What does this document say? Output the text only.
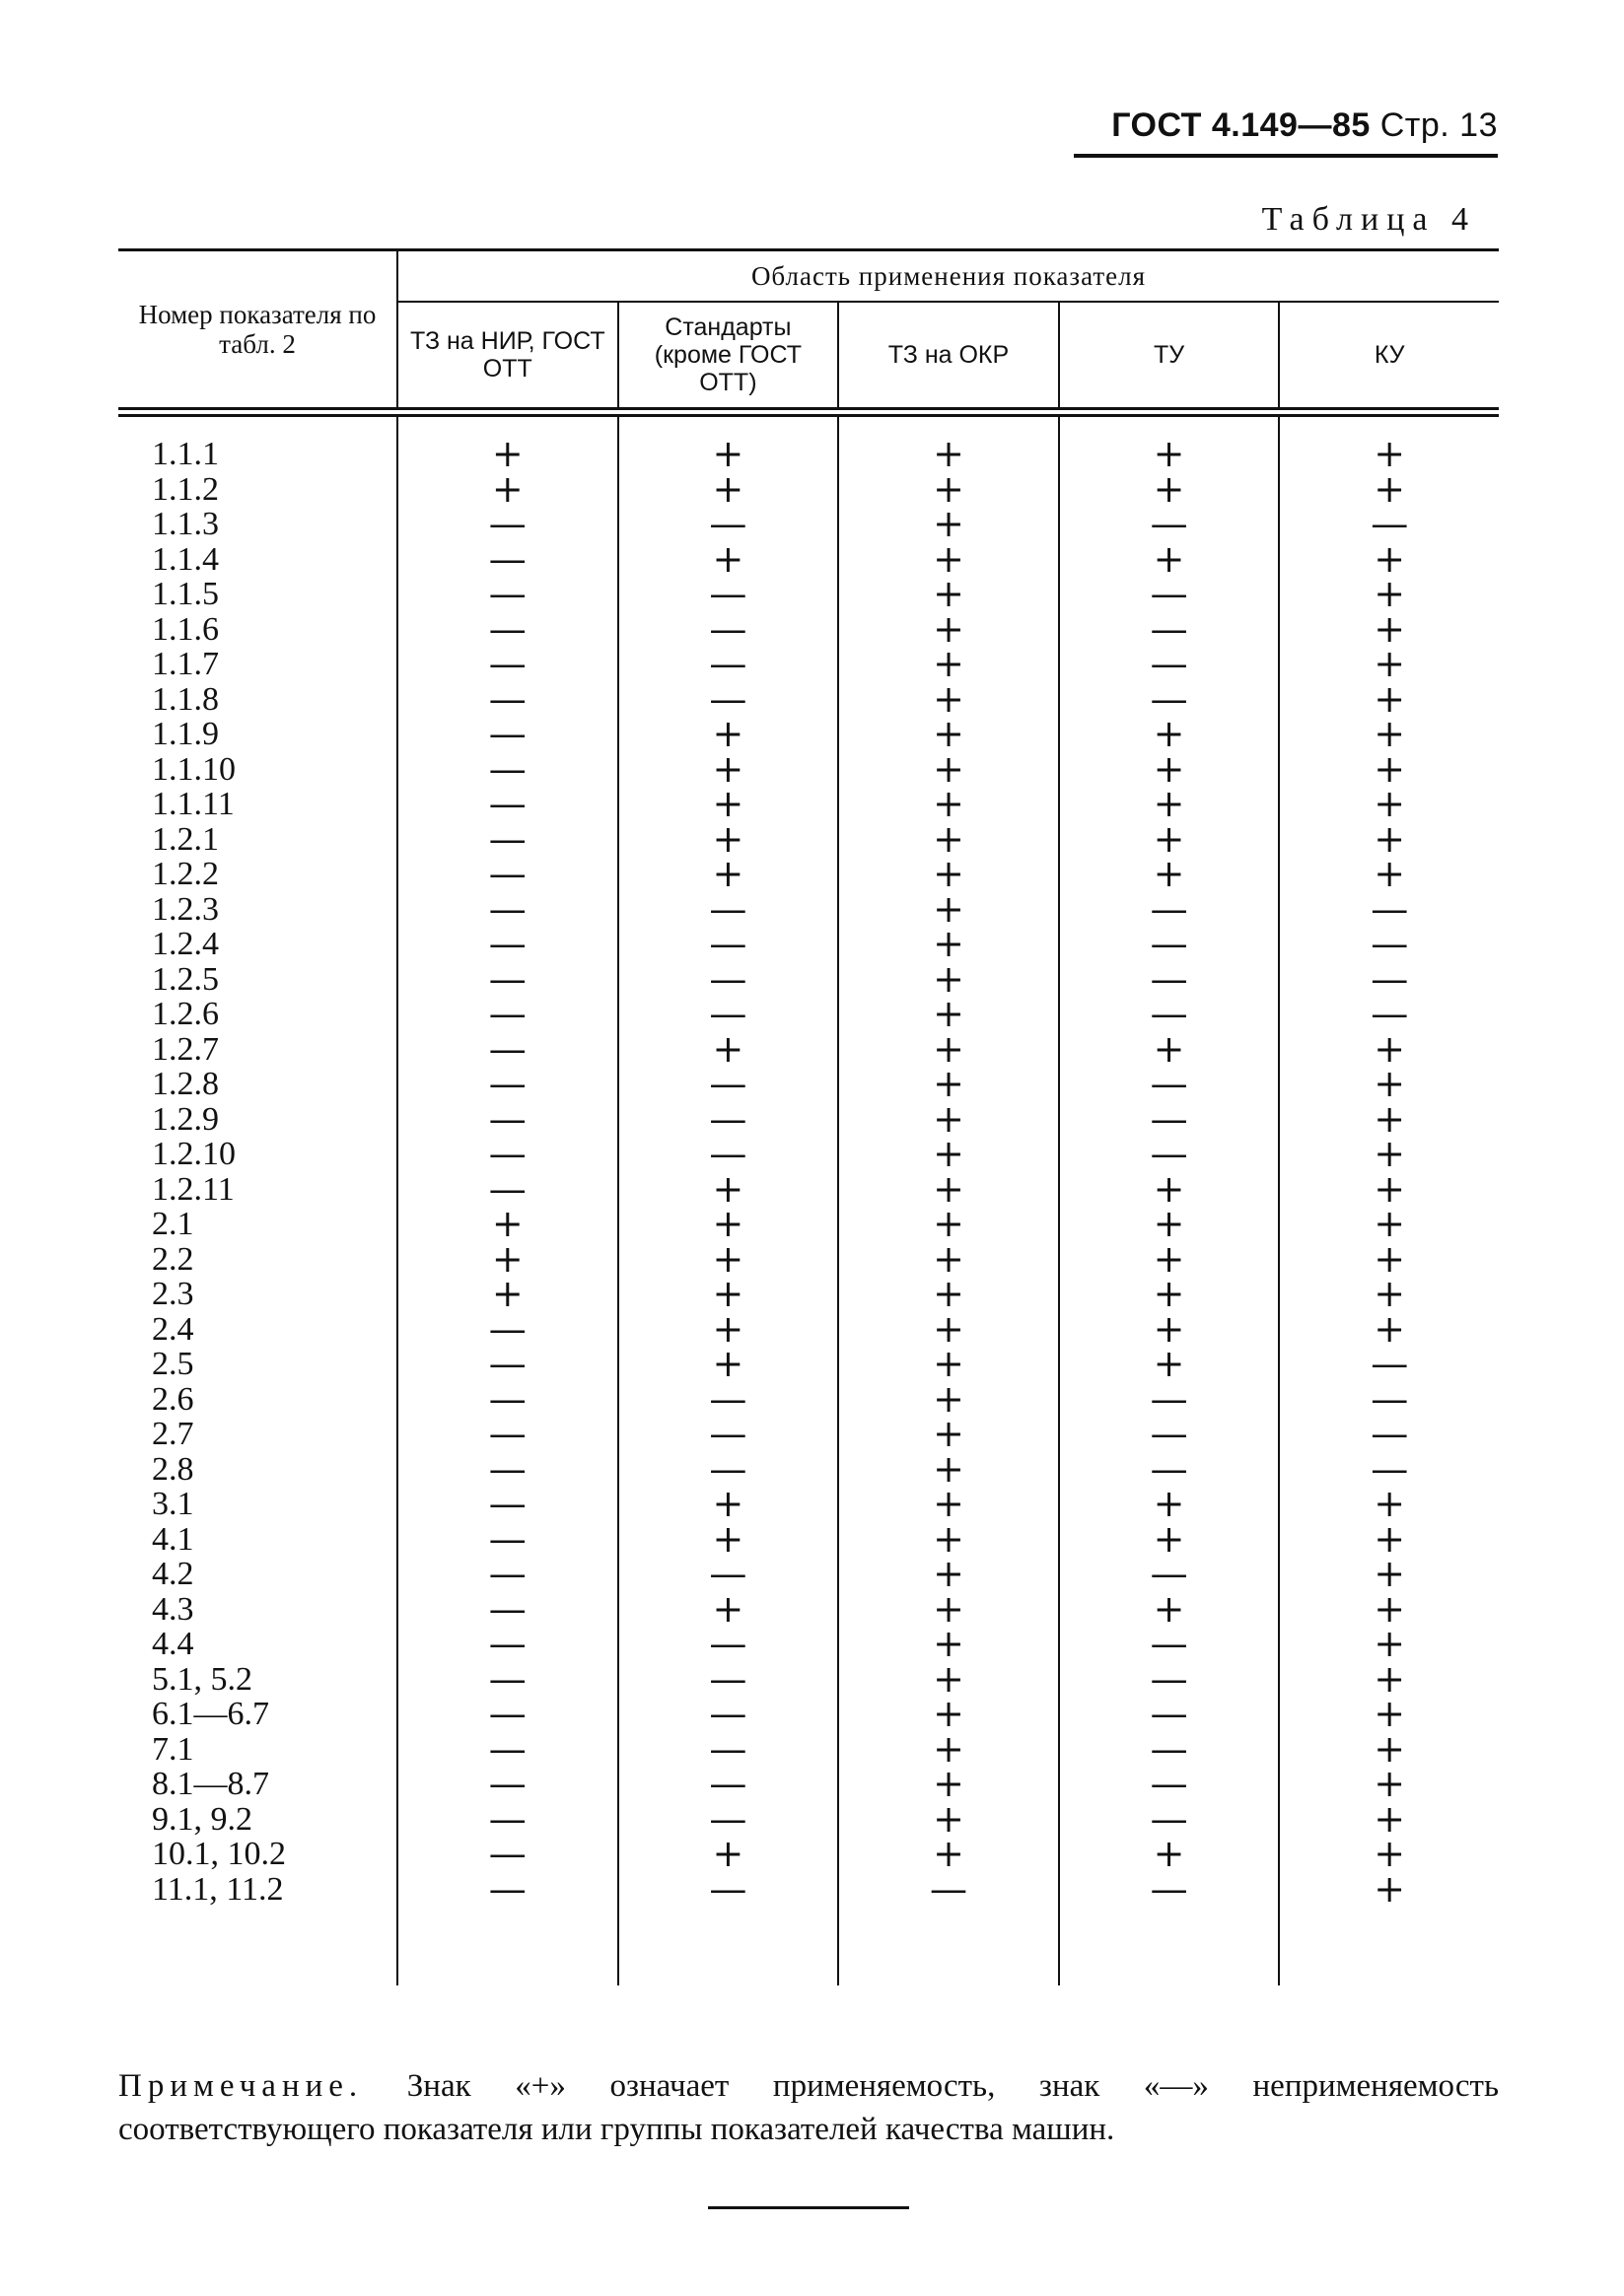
ГОСТ 4.149—85 Стр. 13
Таблица 4
Номер показателя по табл. 2
Область применения показателя
ТЗ на НИР, ГОСТ ОТТ
Стандарты (кроме ГОСТ ОТТ)
ТЗ на ОКР	ТУ	КУ
1.1.1
1.1.2
1.1.3
1.1.4
1.1.5
1.1.6
1.1.7
1.1.8
1.1.9
1.1.10
1.1.11
1.2.1
1.2.2
1.2.3
1.2.4
1.2.5
1.2.6
1.2.7
1.2.8
1.2.9
1.2.10
1.2.11
2.1
2.2
2.3
2.4
2.5
2.6
2.7
2.8
3.1
4.1
4.2
4.3
4.4
5.1, 5.2
6.1—6.7
7.1
8.1—8.7
9.1, 9.2
10.1, 10.2
11.1, 11.2
+
+
—
—
—
—
—
—
—
—
—
—
—
—
—
—
—
—
—
—
—
—
+
+
+
—
—
—
—
—
—
—
—
—
—
—
—
—
—
—
—
—
+
+
—
+
—
—
—
—
+
+
+
+
+
—
—
—
—
+
—
—
—
+
+
+
+
+
+
—
—
—
+
+
—
+
—
—
—
—
—
—
+
—
+
+
+
+
+
+
+
+
+
+
+
+
+
+
+
+
+
+
+
+
+
+
+
+
+
+
+
+
+
+
+
+
+
+
+
+
+
+
+
+
+
—
+
+
—
+
—
—
—
—
+
+
+
+
+
—
—
—
—
+
—
—
—
+
+
+
+
+
+
—
—
—
+
+
—
+
—
—
—
—
—
—
+
—
+
+
—
+
+
+
+
+
+
+
+
+
+
—
—
—
—
+
+
+
+
+
+
+
+
+
—
—
—
—
+
+
+
+
+
+
+
+
+
+
+
+
Примечание. Знак «+» означает применяемость, знак «—» неприменяемость соответствующего показателя или группы показателей качества машин.
